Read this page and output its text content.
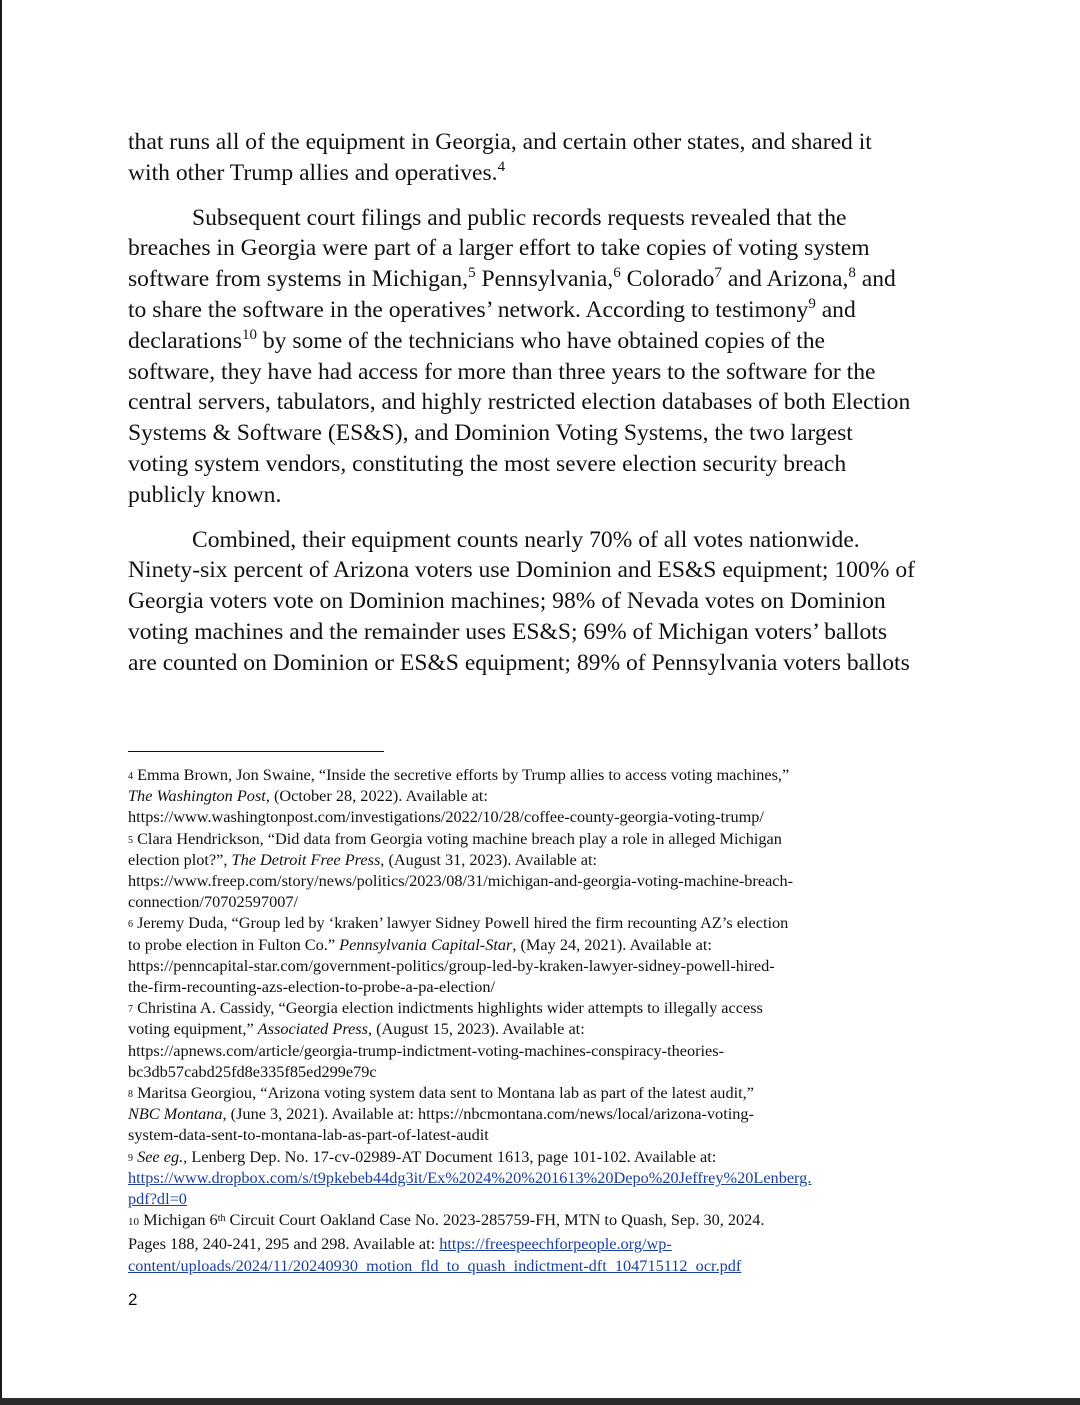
that runs all of the equipment in Georgia, and certain other states, and shared it
with other Trump allies and operatives.$^4$

Subsequent court filings and public records requests revealed that the
breaches in Georgia were part of a larger effort to take copies of voting system
software from systems in Michigan,$^5$ Pennsylvania,$^6$ Colorado$^7$ and Arizona,$^8$ and
to share the software in the operatives’ network. According to testimony$^9$ and
declarations$^{10}$ by some of the technicians who have obtained copies of the
software, they have had access for more than three years to the software for the
central servers, tabulators, and highly restricted election databases of both Election
Systems & Software (ES&S), and Dominion Voting Systems, the two largest
voting system vendors, constituting the most severe election security breach
publicly known.

Combined, their equipment counts nearly 70% of all votes nationwide.
Ninety-six percent of Arizona voters use Dominion and ES&S equipment; 100% of
Georgia voters vote on Dominion machines; 98% of Nevada votes on Dominion
voting machines and the remainder uses ES&S; 69% of Michigan voters’ ballots
are counted on Dominion or ES&S equipment; 89% of Pennsylvania voters ballots

$^4$ Emma Brown, Jon Swaine, “Inside the secretive efforts by Trump allies to access voting machines,”
The Washington Post, (October 28, 2022). Available at:
https://www.washingtonpost.com/investigations/2022/10/28/coffee-county-georgia-voting-trump/
$^5$ Clara Hendrickson, “Did data from Georgia voting machine breach play a role in alleged Michigan
election plot?”, The Detroit Free Press, (August 31, 2023). Available at:
https://www.freep.com/story/news/politics/2023/08/31/michigan-and-georgia-voting-machine-breach-
connection/70702597007/
$^6$ Jeremy Duda, “Group led by ‘kraken’ lawyer Sidney Powell hired the firm recounting AZ’s election
to probe election in Fulton Co.” Pennsylvania Capital-Star, (May 24, 2021). Available at:
https://penncapital-star.com/government-politics/group-led-by-kraken-lawyer-sidney-powell-hired-
the-firm-recounting-azs-election-to-probe-a-pa-election/
$^7$ Christina A. Cassidy, “Georgia election indictments highlights wider attempts to illegally access
voting equipment,” Associated Press, (August 15, 2023). Available at:
https://apnews.com/article/georgia-trump-indictment-voting-machines-conspiracy-theories-
bc3db57cabd25fd8e335f85ed299e79c
$^8$ Maritsa Georgiou, “Arizona voting system data sent to Montana lab as part of the latest audit,”
NBC Montana, (June 3, 2021). Available at: https://nbcmontana.com/news/local/arizona-voting-
system-data-sent-to-montana-lab-as-part-of-latest-audit
$^9$ See eg., Lenberg Dep. No. 17-cv-02989-AT Document 1613, page 101-102. Available at:
https://www.dropbox.com/s/t9pkebeb44dg3it/Ex%2024%20%201613%20Depo%20Jeffrey%20Lenberg.
pdf?dl=0
10 Michigan 6th Circuit Court Oakland Case No. 2023-285759-FH, MTN to Quash, Sep. 30, 2024.
Pages 188, 240-241, 295 and 298. Available at: https://freespeechforpeople.org/wp-
content/uploads/2024/11/20240930_motion_fld_to_quash_indictment-dft_104715112_ocr.pdf
2
